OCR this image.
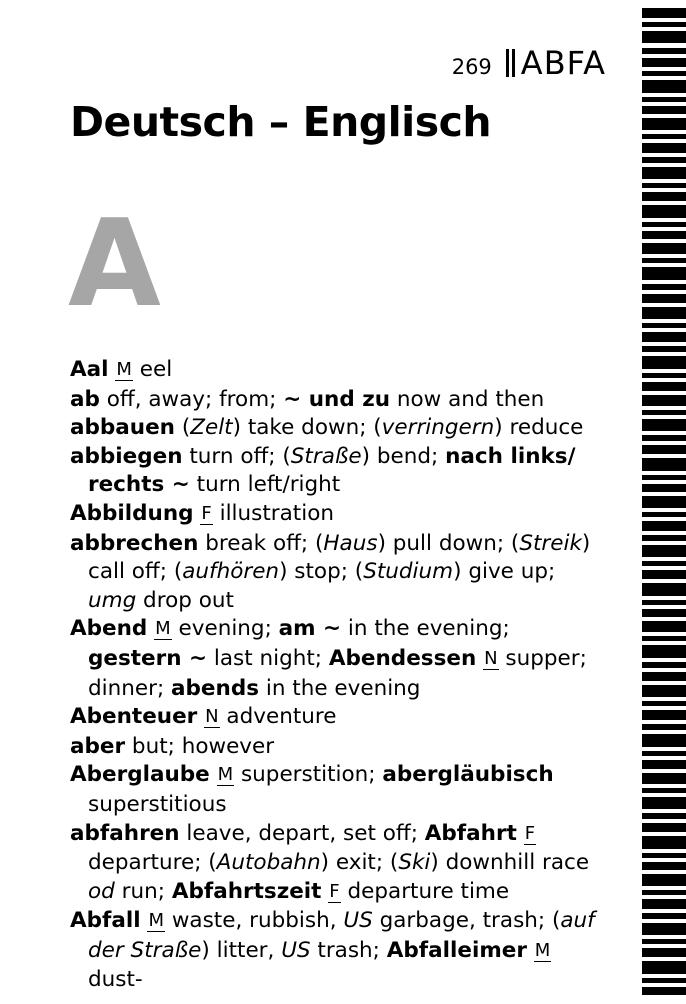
269 ABFA
Deutsch – Englisch
A

Aal M eel

ab off, away; from; ~ und zu now and then

abbauen (Zelt) take down; (verringern) reduce

abbiegen turn off; (Straße) bend; nach links/ rechts ~ turn left/right

Abbildung F illustration

abbrechen break off; (Haus) pull down; (Streik) call off; (aufhören) stop; (Studium) give up; umg drop out

Abend M evening; am ~ in the evening; gestern ~ last night; Abendessen N supper; dinner; abends in the evening

Abenteuer N adventure

aber but; however

Aberglaube M superstition; abergläubisch superstitious

abfahren leave, depart, set off; Abfahrt F departure; (Autobahn) exit; (Ski) downhill race od run; Abfahrtszeit F departure time

Abfall M waste, rubbish, US garbage, trash; (auf der Straße) litter, US trash; Abfalleimer M dust-
